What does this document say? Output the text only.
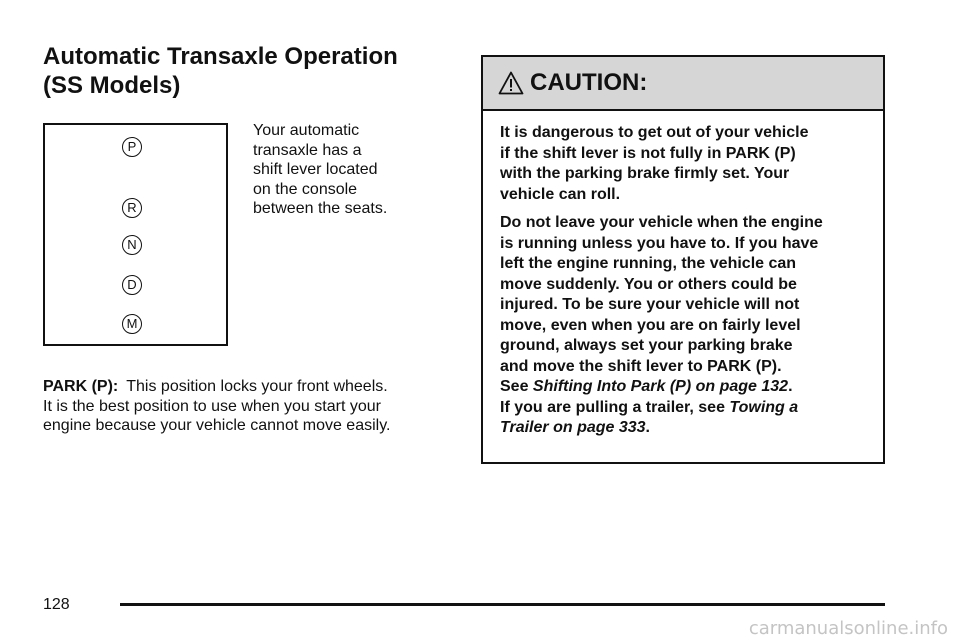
Automatic Transaxle Operation
(SS Models)
P
R
N
D
M

Your automatic
transaxle has a
shift lever located
on the console
between the seats.

PARK (P): This position locks your front wheels.
It is the best position to use when you start your
engine because your vehicle cannot move easily.

CAUTION:

It is dangerous to get out of your vehicle
if the shift lever is not fully in PARK (P)
with the parking brake firmly set. Your
vehicle can roll.

Do not leave your vehicle when the engine
is running unless you have to. If you have
left the engine running, the vehicle can
move suddenly. You or others could be
injured. To be sure your vehicle will not
move, even when you are on fairly level
ground, always set your parking brake
and move the shift lever to PARK (P).
See Shifting Into Park (P) on page 132.
If you are pulling a trailer, see Towing a
Trailer on page 333.

128
carmanualsonline.info
